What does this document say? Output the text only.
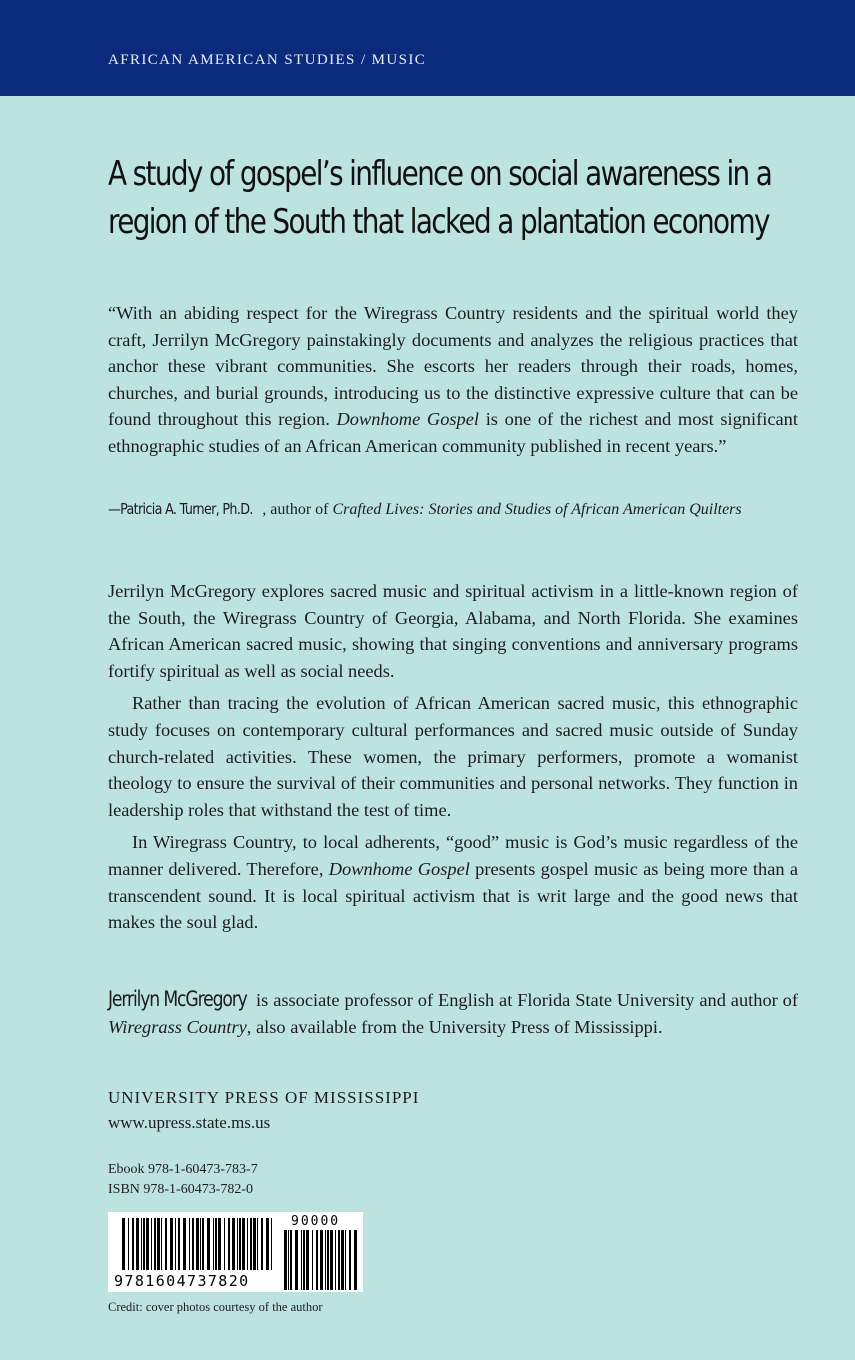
AFRICAN AMERICAN STUDIES / MUSIC
A study of gospel’s influence on social awareness in a region of the South that lacked a plantation economy
“With an abiding respect for the Wiregrass Country residents and the spiritual world they craft, Jerrilyn McGregory painstakingly documents and analyzes the religious practices that anchor these vibrant communities. She escorts her readers through their roads, homes, churches, and burial grounds, introducing us to the distinctive expressive culture that can be found throughout this region. Downhome Gospel is one of the richest and most significant ethnographic studies of an African American community published in recent years.”
—Patricia A. Turner, Ph.D. , author of Crafted Lives: Stories and Studies of African American Quilters

Jerrilyn McGregory explores sacred music and spiritual activism in a little-known region of the South, the Wiregrass Country of Georgia, Alabama, and North Florida. She examines African American sacred music, showing that singing conventions and anniversary programs fortify spiritual as well as social needs.

Rather than tracing the evolution of African American sacred music, this ethnographic study focuses on contemporary cultural performances and sacred music outside of Sunday church-related activities. These women, the primary performers, promote a womanist theology to ensure the survival of their communities and personal networks. They function in leadership roles that withstand the test of time.

In Wiregrass Country, to local adherents, “good” music is God’s music regardless of the manner delivered. Therefore, Downhome Gospel presents gospel music as being more than a transcendent sound. It is local spiritual activism that is writ large and the good news that makes the soul glad.

Jerrilyn McGregory is associate professor of English at Florida State University and author of Wiregrass Country, also available from the University Press of Mississippi.
UNIVERSITY PRESS OF MISSISSIPPI
www.upress.state.ms.us
Ebook 978-1-60473-783-7
ISBN 978-1-60473-782-0
9781604737820
90000
Credit: cover photos courtesy of the author
